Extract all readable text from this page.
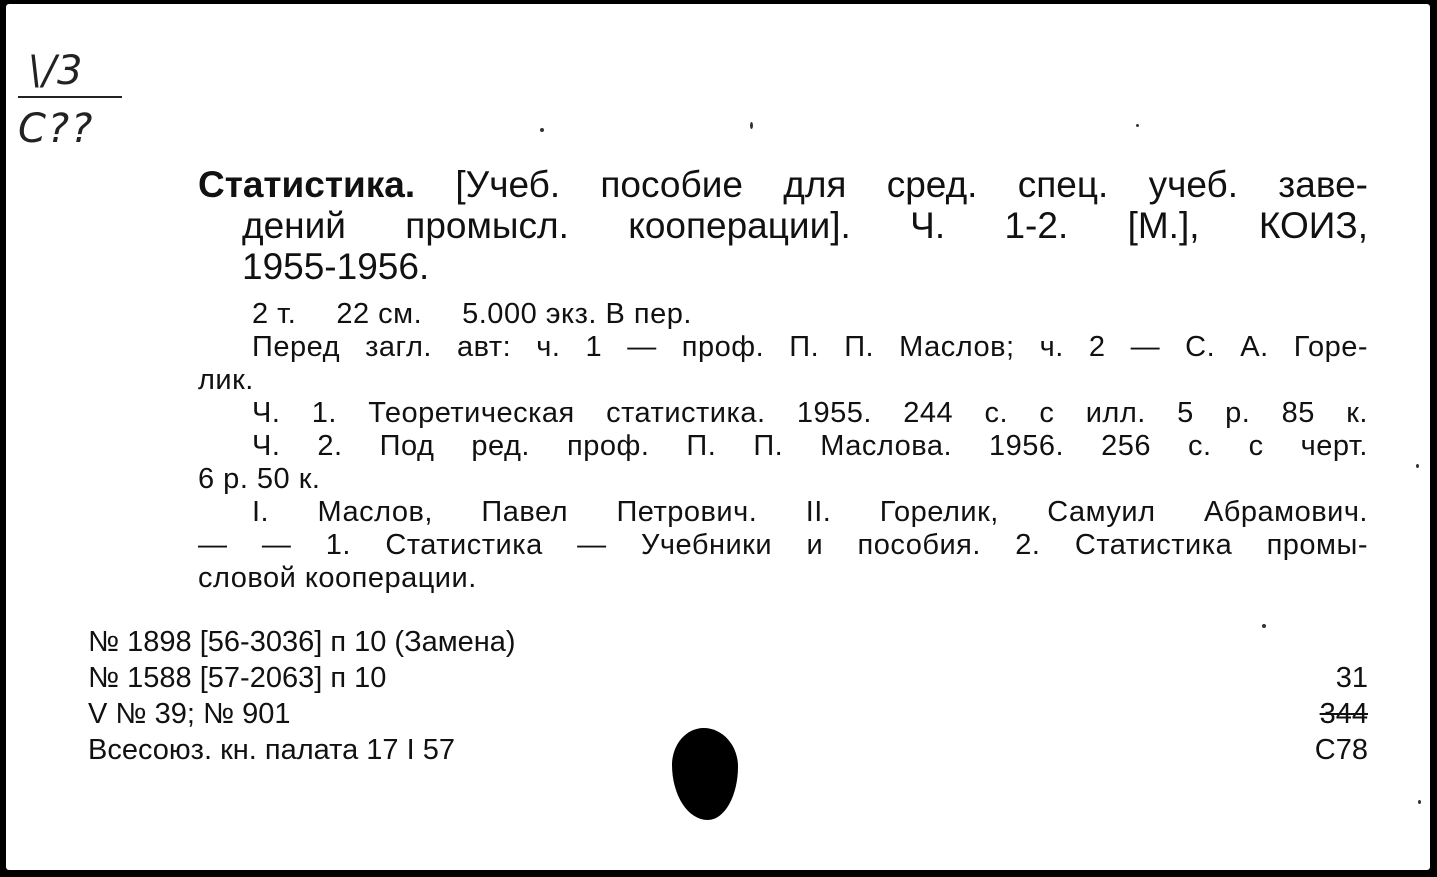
\/3
С??
Статистика. [Учеб. пособие для сред. спец. учеб. заве-
дений промысл. кооперации]. Ч. 1-2. [М.], КОИЗ,
1955-1956.
2 т. 22 см. 5.000 экз. В пер.
Перед загл. авт: ч. 1 — проф. П. П. Маслов; ч. 2 — С. А. Горе-
лик.
Ч. 1. Теоретическая статистика. 1955. 244 с. с илл. 5 р. 85 к.
Ч. 2. Под ред. проф. П. П. Маслова. 1956. 256 с. с черт.
6 р. 50 к.
I. Маслов, Павел Петрович. II. Горелик, Самуил Абрамович.
— — 1. Статистика — Учебники и пособия. 2. Статистика промы-
словой кооперации.
№ 1898 [56-3036] п 10 (Замена)
№ 1588 [57-2063] п 10
V № 39; № 901
Всесоюз. кн. палата 17 I 57
31
344
С78
